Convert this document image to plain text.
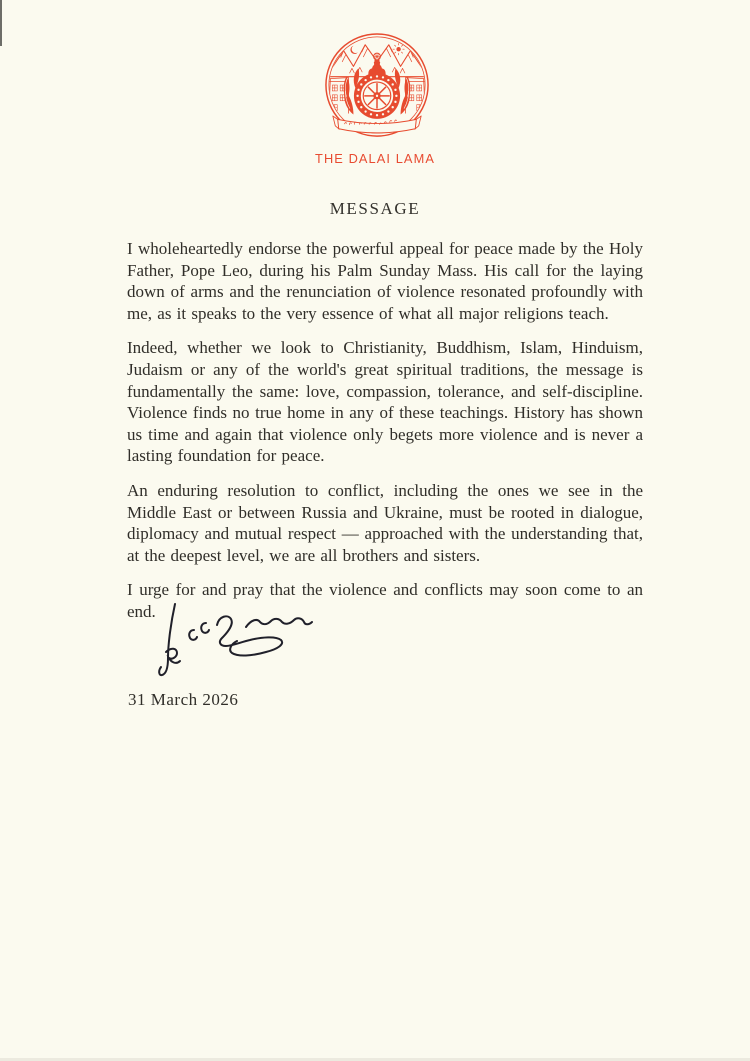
THE DALAI LAMA
MESSAGE

I wholeheartedly endorse the powerful appeal for peace made by the Holy Father, Pope Leo, during his Palm Sunday Mass. His call for the laying down of arms and the renunciation of violence resonated profoundly with me, as it speaks to the very essence of what all major religions teach.

Indeed, whether we look to Christianity, Buddhism, Islam, Hinduism, Judaism or any of the world's great spiritual traditions, the message is fundamentally the same: love, compassion, tolerance, and self-discipline. Violence finds no true home in any of these teachings. History has shown us time and again that violence only begets more violence and is never a lasting foundation for peace.

An enduring resolution to conflict, including the ones we see in the Middle East or between Russia and Ukraine, must be rooted in dialogue, diplomacy and mutual respect — approached with the understanding that, at the deepest level, we are all brothers and sisters.

I urge for and pray that the violence and conflicts may soon come to an end.

31 March 2026
